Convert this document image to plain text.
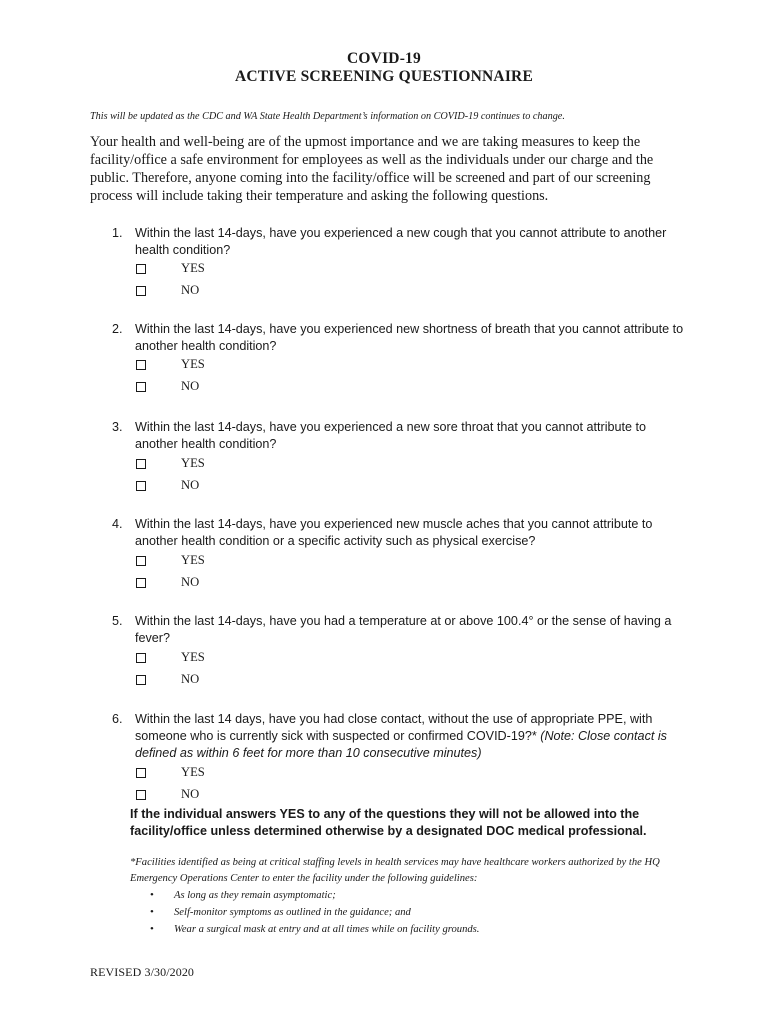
COVID-19
ACTIVE SCREENING QUESTIONNAIRE
This will be updated as the CDC and WA State Health Department’s information on COVID-19 continues to change.

Your health and well-being are of the upmost importance and we are taking measures to keep the facility/office a safe environment for employees as well as the individuals under our charge and the public. Therefore, anyone coming into the facility/office will be screened and part of our screening process will include taking their temperature and asking the following questions.

1. Within the last 14-days, have you experienced a new cough that you cannot attribute to another health condition?

YES
NO
2. Within the last 14-days, have you experienced new shortness of breath that you cannot attribute to another health condition?

YES
NO
3. Within the last 14-days, have you experienced a new sore throat that you cannot attribute to another health condition?

YES
NO
4. Within the last 14-days, have you experienced new muscle aches that you cannot attribute to another health condition or a specific activity such as physical exercise?

YES
NO
5. Within the last 14-days, have you had a temperature at or above 100.4° or the sense of having a fever?

YES
NO
6. Within the last 14 days, have you had close contact, without the use of appropriate PPE, with someone who is currently sick with suspected or confirmed COVID-19?* (Note: Close contact is defined as within 6 feet for more than 10 consecutive minutes)

YES
NO

If the individual answers YES to any of the questions they will not be allowed into the facility/office unless determined otherwise by a designated DOC medical professional.

*Facilities identified as being at critical staffing levels in health services may have healthcare workers authorized by the HQ Emergency Operations Center to enter the facility under the following guidelines:

• As long as they remain asymptomatic;
• Self-monitor symptoms as outlined in the guidance; and
• Wear a surgical mask at entry and at all times while on facility grounds.
REVISED 3/30/2020
